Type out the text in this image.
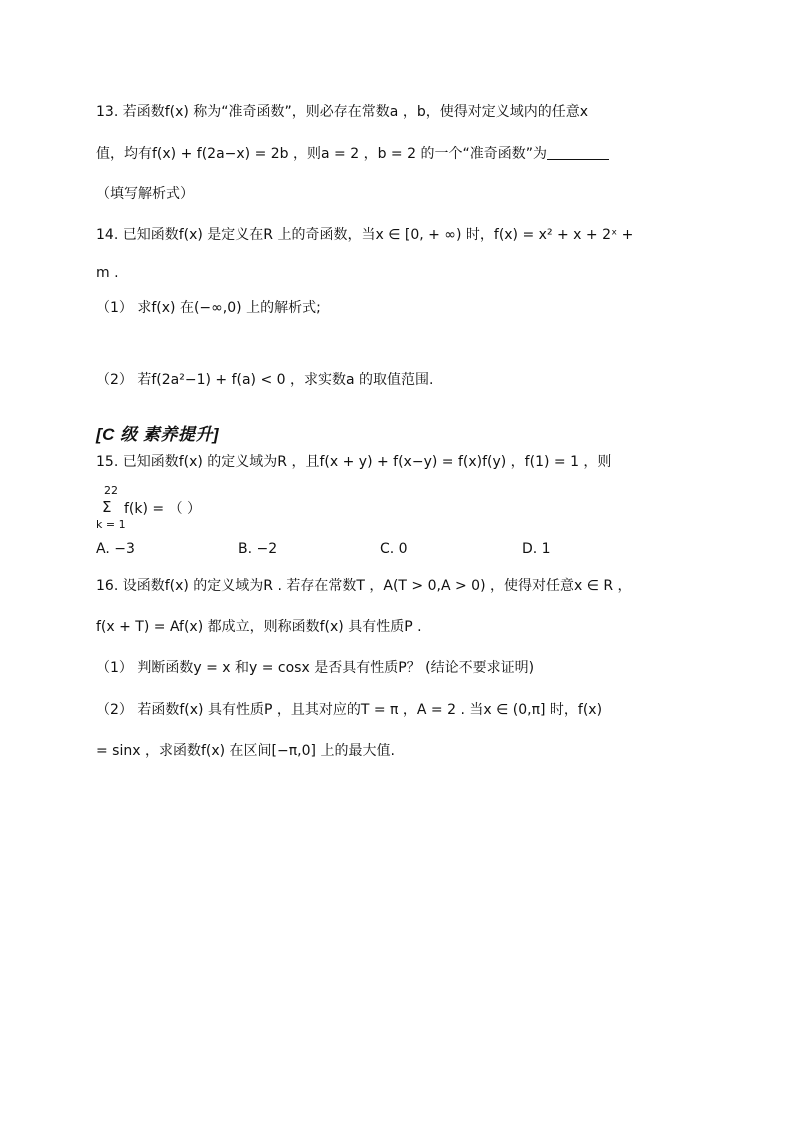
13. 若函数f(x) 称为“准奇函数”，则必存在常数a ，b，使得对定义域内的任意x
值，均有f(x) + f(2a−x) = 2b ，则a = 2 ，b = 2 的一个“准奇函数”为
（填写解析式）
14. 已知函数f(x) 是定义在R 上的奇函数，当x ∈ [0, + ∞) 时，f(x) = x² + x + 2ˣ +
m .
（1） 求f(x) 在(−∞,0) 上的解析式;
（2） 若f(2a²−1) + f(a) < 0 ，求实数a 的取值范围.
[C 级 素养提升]
15. 已知函数f(x) 的定义域为R ，且f(x + y) + f(x−y) = f(x)f(y) ，f(1) = 1 ，则
22
Σ
k = 1
f(k) = （ ）
A. −3	B. −2	C. 0	D. 1
16. 设函数f(x) 的定义域为R . 若存在常数T ，A(T > 0,A > 0) ，使得对任意x ∈ R ，
f(x + T) = Af(x) 都成立，则称函数f(x) 具有性质P .
（1） 判断函数y = x 和y = cosx 是否具有性质P？ (结论不要求证明)
（2） 若函数f(x) 具有性质P ，且其对应的T = π ，A = 2 . 当x ∈ (0,π] 时，f(x)
= sinx ，求函数f(x) 在区间[−π,0] 上的最大值.
